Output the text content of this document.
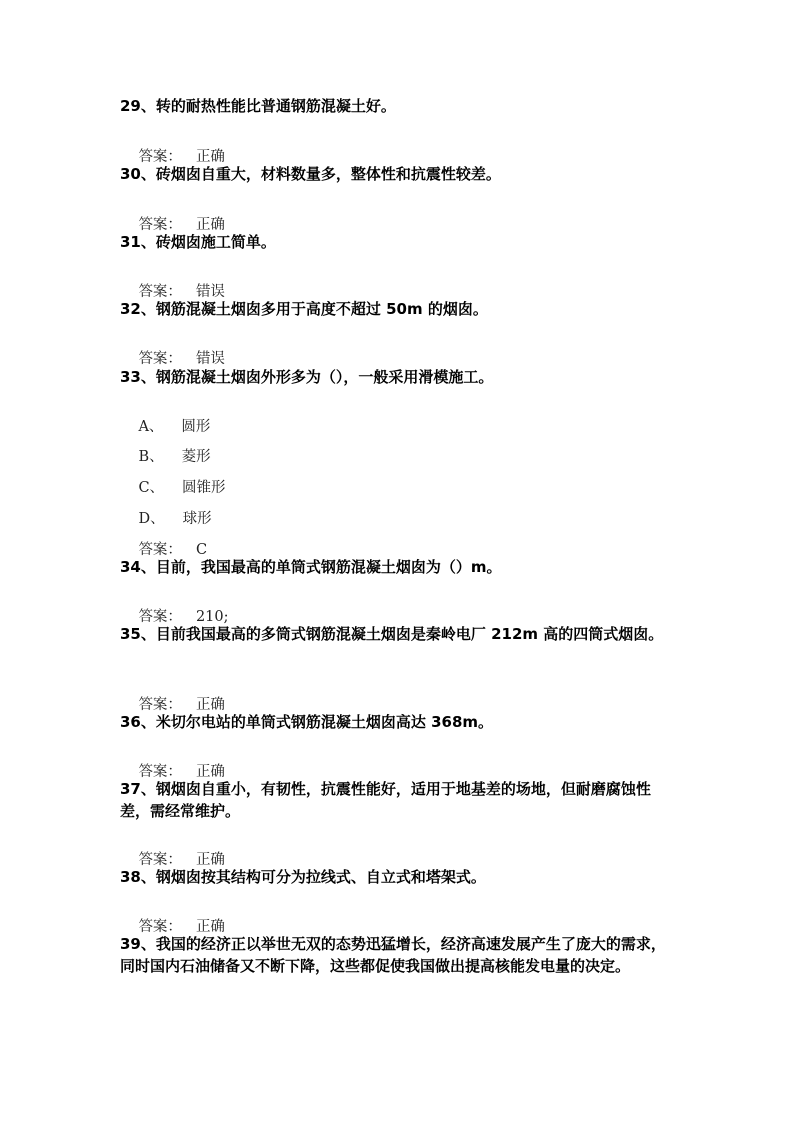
29、转的耐热性能比普通钢筋混凝土好。

答案： 正确

30、砖烟囱自重大，材料数量多，整体性和抗震性较差。

答案： 正确

31、砖烟囱施工简单。

答案： 错误

32、钢筋混凝土烟囱多用于高度不超过 50m 的烟囱。

答案： 错误

33、钢筋混凝土烟囱外形多为（），一般采用滑模施工。

A、 圆形

B、 菱形

C、 圆锥形

D、 球形

答案： C

34、目前，我国最高的单筒式钢筋混凝土烟囱为（）m。

答案： 210;

35、目前我国最高的多筒式钢筋混凝土烟囱是秦岭电厂 212m 高的四筒式烟囱。

答案： 正确

36、米切尔电站的单筒式钢筋混凝土烟囱高达 368m。

答案： 正确

37、钢烟囱自重小，有韧性，抗震性能好，适用于地基差的场地，但耐磨腐蚀性差，需经常维护。

答案： 正确

38、钢烟囱按其结构可分为拉线式、自立式和塔架式。

答案： 正确

39、我国的经济正以举世无双的态势迅猛增长，经济高速发展产生了庞大的需求，同时国内石油储备又不断下降，这些都促使我国做出提高核能发电量的决定。
